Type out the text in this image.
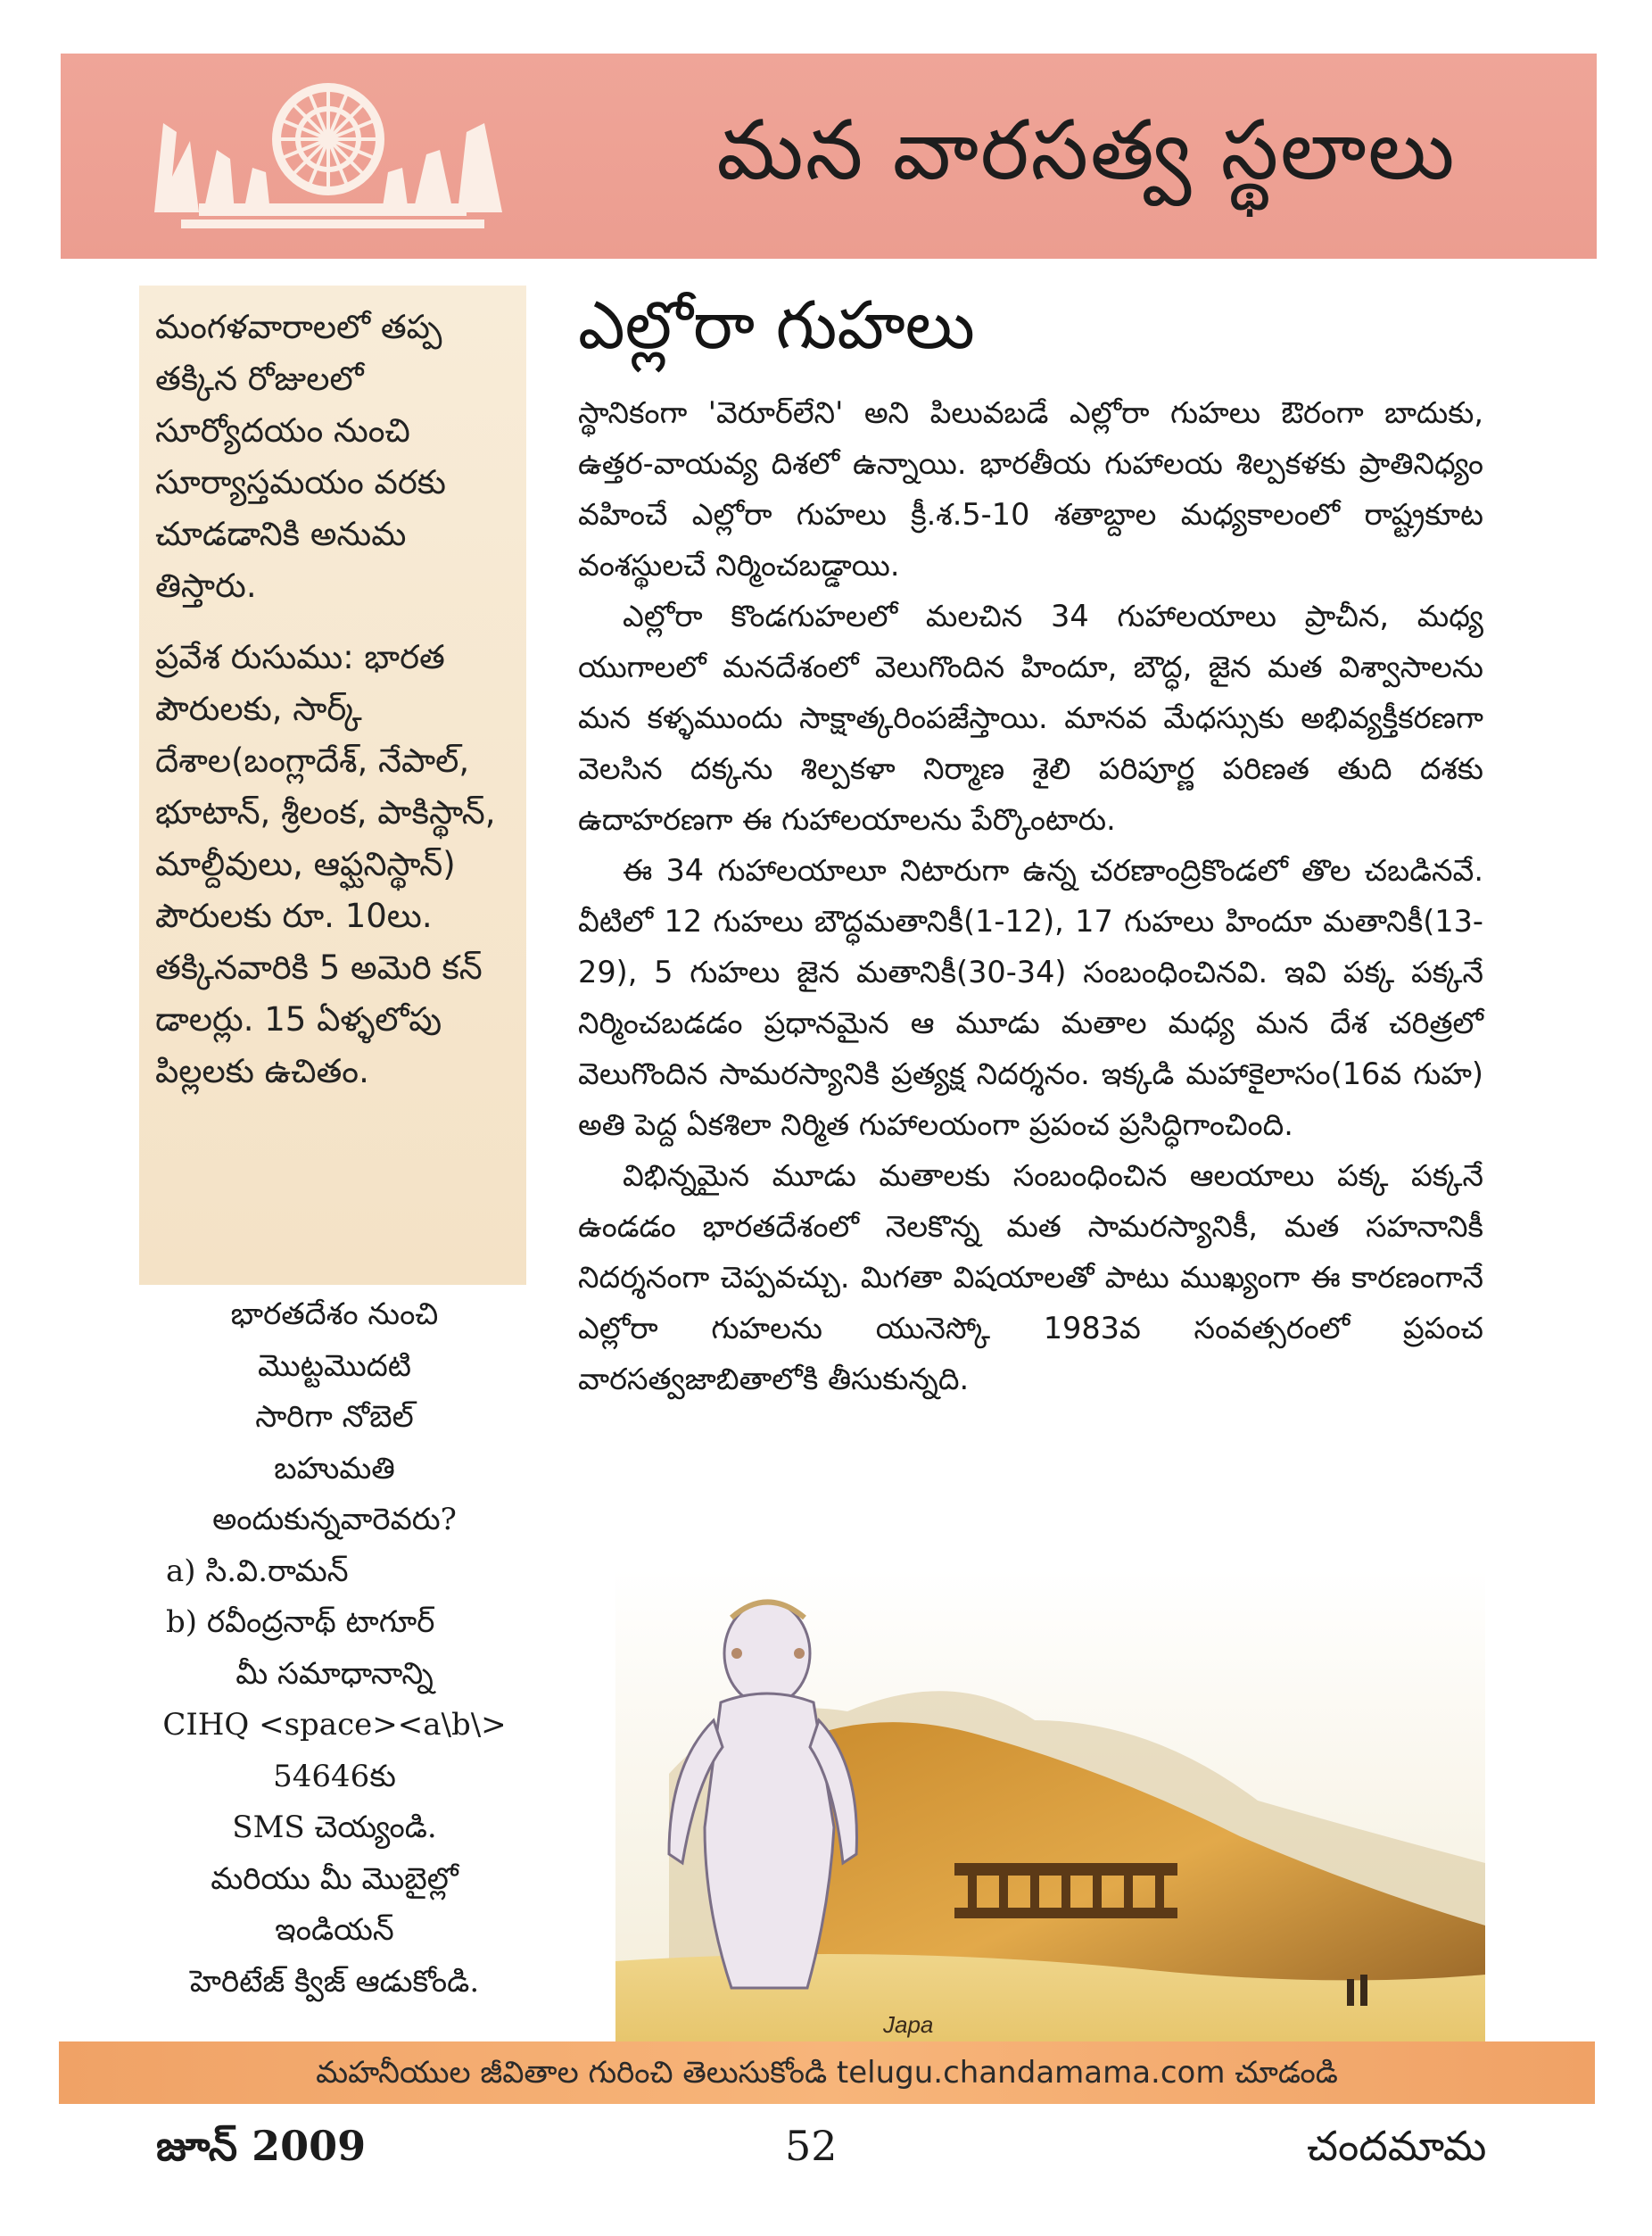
మన వారసత్వ స్థలాలు

మంగళవారాలలో తప్ప తక్కిన రోజులలో సూర్యోదయం నుంచి సూర్యాస్తమయం వరకు చూడడానికి అనుమ తిస్తారు.

ప్రవేశ రుసుము: భారత పౌరులకు, సార్క్ దేశాల(బంగ్లాదేశ్, నేపాల్, భూటాన్, శ్రీలంక, పాకిస్థాన్, మాల్దీవులు, ఆఫ్ఘనిస్థాన్) పౌరులకు రూ. 10లు. తక్కినవారికి 5 అమెరి కన్ డాలర్లు. 15 ఏళ్ళలోపు పిల్లలకు ఉచితం.

భారతదేశం నుంచి
మొట్టమొదటి
సారిగా నోబెల్
బహుమతి
అందుకున్నవారెవరు?
a) సి.వి.రామన్
b) రవీంద్రనాథ్ టాగూర్
మీ సమాధానాన్ని
CIHQ <space><a\b\>
54646కు
SMS చెయ్యండి.
మరియు మీ మొబైల్లో
ఇండియన్
హెరిటేజ్ క్విజ్ ఆడుకోండి.
ఎల్లోరా గుహలు

స్థానికంగా 'వెరూర్‌లేని' అని పిలువబడే ఎల్లోరా గుహలు ఔరంగా బాదుకు, ఉత్తర-వాయవ్య దిశలో ఉన్నాయి. భారతీయ గుహాలయ శిల్పకళకు ప్రాతినిధ్యం వహించే ఎల్లోరా గుహలు క్రీ.శ.5-10 శతాబ్దాల మధ్యకాలంలో రాష్ట్రకూట వంశస్థులచే నిర్మించబడ్డాయి.

ఎల్లోరా కొండగుహలలో మలచిన 34 గుహాలయాలు ప్రాచీన, మధ్య యుగాలలో మనదేశంలో వెలుగొందిన హిందూ, బౌద్ధ, జైన మత విశ్వాసాలను మన కళ్ళముందు సాక్షాత్కరింపజేస్తాయి. మానవ మేధస్సుకు అభివ్యక్తీకరణగా వెలసిన దక్కను శిల్పకళా నిర్మాణ శైలి పరిపూర్ణ పరిణత తుది దశకు ఉదాహరణగా ఈ గుహాలయాలను పేర్కొంటారు.

ఈ 34 గుహాలయాలూ నిటారుగా ఉన్న చరణాంద్రికొండలో తొల చబడినవే. వీటిలో 12 గుహలు బౌద్ధమతానికీ(1-12), 17 గుహలు హిందూ మతానికీ(13-29), 5 గుహలు జైన మతానికీ(30-34) సంబంధించినవి. ఇవి పక్క పక్కనే నిర్మించబడడం ప్రధానమైన ఆ మూడు మతాల మధ్య మన దేశ చరిత్రలో వెలుగొందిన సామరస్యానికి ప్రత్యక్ష నిదర్శనం. ఇక్కడి మహాకైలాసం(16వ గుహ) అతి పెద్ద ఏకశిలా నిర్మిత గుహాలయంగా ప్రపంచ ప్రసిద్ధిగాంచింది.

విభిన్నమైన మూడు మతాలకు సంబంధించిన ఆలయాలు పక్క పక్కనే ఉండడం భారతదేశంలో నెలకొన్న మత సామరస్యానికీ, మత సహనానికీ నిదర్శనంగా చెప్పవచ్చు. మిగతా విషయాలతో పాటు ముఖ్యంగా ఈ కారణంగానే ఎల్లోరా గుహలను యునెస్కో 1983వ సంవత్సరంలో ప్రపంచ వారసత్వజాబితాలోకి తీసుకున్నది.

Japa
మహనీయుల జీవితాల గురించి తెలుసుకోండి telugu.chandamama.com చూడండి
జూన్ 2009	52	చందమామ
